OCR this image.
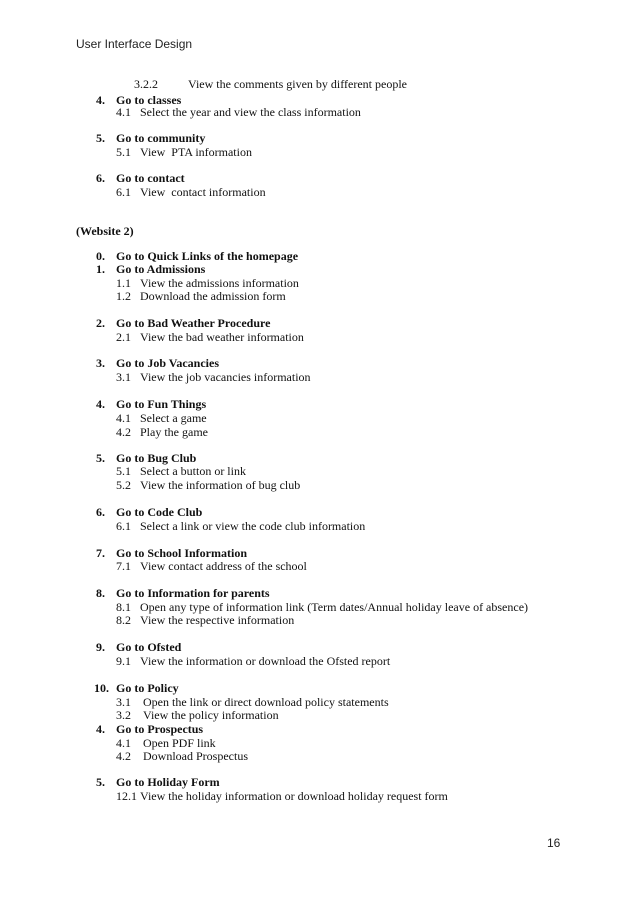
User Interface Design
3.2.2	View the comments given by different people
4. Go to classes
4.1 Select the year and view the class information
5. Go to community
5.1 View  PTA information
6. Go to contact
6.1 View  contact information
(Website 2)
0. Go to Quick Links of the homepage
1. Go to Admissions
1.1 View the admissions information
1.2 Download the admission form
2. Go to Bad Weather Procedure
2.1 View the bad weather information
3. Go to Job Vacancies
3.1 View the job vacancies information
4. Go to Fun Things
4.1 Select a game
4.2 Play the game
5. Go to Bug Club
5.1 Select a button or link
5.2 View the information of bug club
6. Go to Code Club
6.1 Select a link or view the code club information
7. Go to School Information
7.1 View contact address of the school
8. Go to Information for parents
8.1 Open any type of information link (Term dates/Annual holiday leave of absence)
8.2 View the respective information
9. Go to Ofsted
9.1 View the information or download the Ofsted report
10. Go to Policy
3.1 Open the link or direct download policy statements
3.2 View the policy information
4. Go to Prospectus
4.1 Open PDF link
4.2 Download Prospectus
5. Go to Holiday Form
12.1 View the holiday information or download holiday request form
16
